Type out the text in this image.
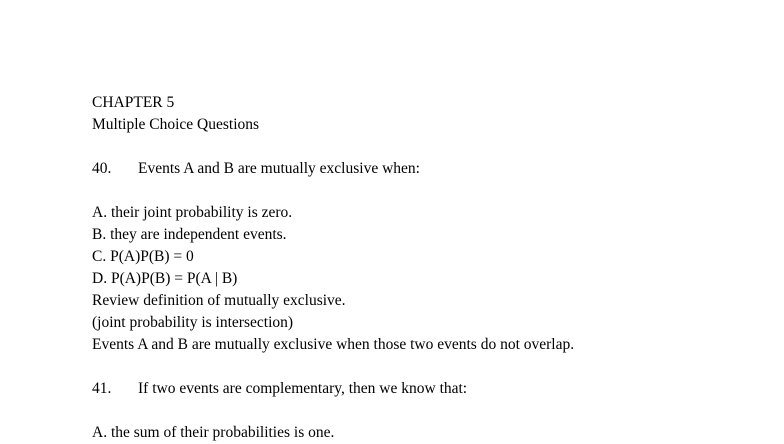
CHAPTER 5
Multiple Choice Questions
40. Events A and B are mutually exclusive when:
A. their joint probability is zero.
B. they are independent events.
C. P(A)P(B) = 0
D. P(A)P(B) = P(A | B)
Review definition of mutually exclusive.
(joint probability is intersection)
Events A and B are mutually exclusive when those two events do not overlap.
41. If two events are complementary, then we know that:
A. the sum of their probabilities is one.
